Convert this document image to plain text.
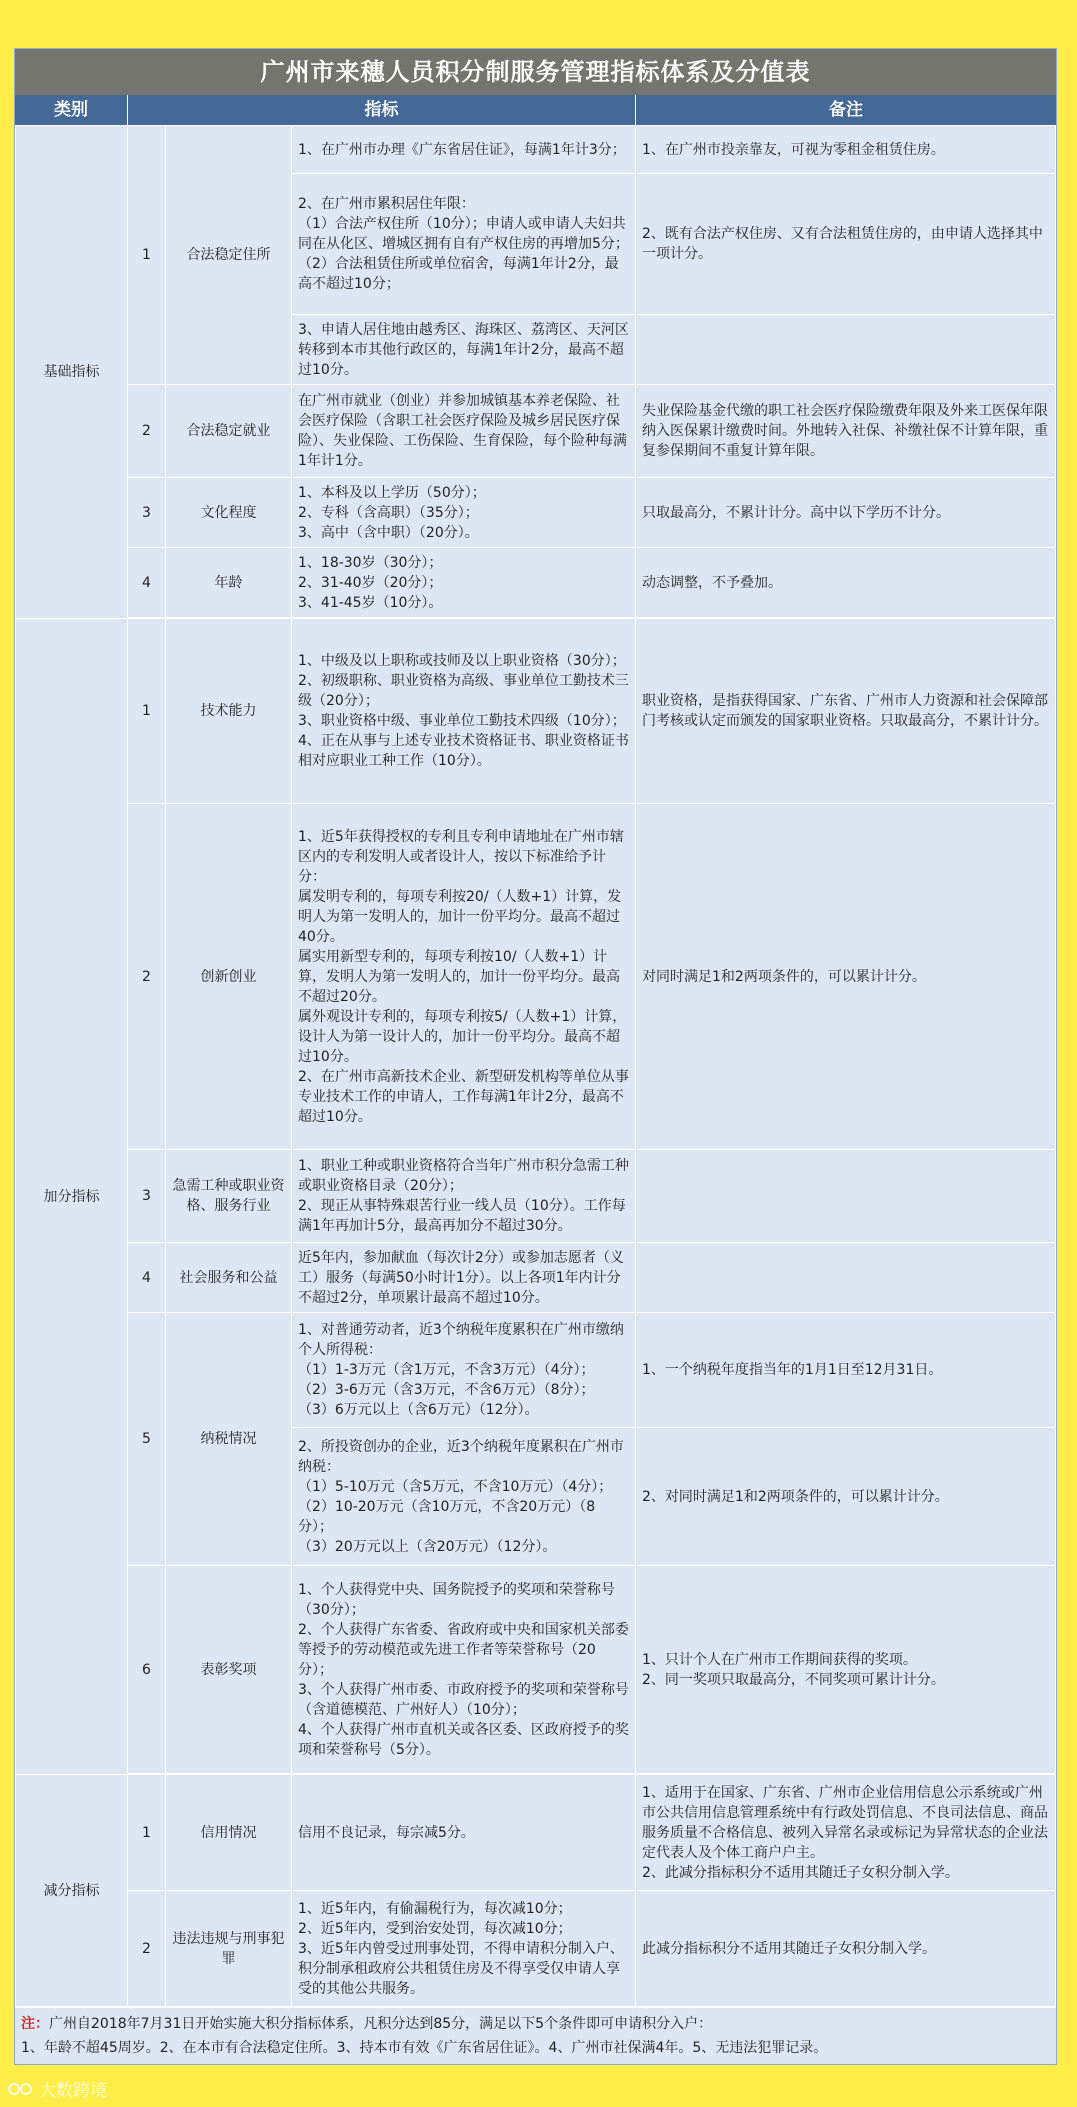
广州市来穗人员积分制服务管理指标体系及分值表
类别	指标	备注
基础指标	1	合法稳定住所	1、在广州市办理《广东省居住证》，每满1年计3分；	1、在广州市投亲靠友，可视为零租金租赁住房。
			2、在广州市累积居住年限：
（1）合法产权住所（10分）；申请人或申请人夫妇共同在从化区、增城区拥有自有产权住房的再增加5分；
（2）合法租赁住所或单位宿舍，每满1年计2分，最高不超过10分；	2、既有合法产权住房、又有合法租赁住房的，由申请人选择其中一项计分。
			3、申请人居住地由越秀区、海珠区、荔湾区、天河区转移到本市其他行政区的，每满1年计2分，最高不超过10分。	
	2	合法稳定就业	在广州市就业（创业）并参加城镇基本养老保险、社会医疗保险（含职工社会医疗保险及城乡居民医疗保险）、失业保险、工伤保险、生育保险，每个险种每满1年计1分。	失业保险基金代缴的职工社会医疗保险缴费年限及外来工医保年限纳入医保累计缴费时间。外地转入社保、补缴社保不计算年限，重复参保期间不重复计算年限。
	3	文化程度	1、本科及以上学历（50分）；
2、专科（含高职）（35分）；
3、高中（含中职）（20分）。	只取最高分，不累计计分。高中以下学历不计分。
	4	年龄	1、18-30岁（30分）；
2、31-40岁（20分）；
3、41-45岁（10分）。	动态调整，不予叠加。

加分指标	1	技术能力	1、中级及以上职称或技师及以上职业资格（30分）；
2、初级职称、职业资格为高级、事业单位工勤技术三级（20分）；
3、职业资格中级、事业单位工勤技术四级（10分）；
4、正在从事与上述专业技术资格证书、职业资格证书相对应职业工种工作（10分）。	职业资格，是指获得国家、广东省、广州市人力资源和社会保障部门考核或认定而颁发的国家职业资格。只取最高分，不累计计分。
	2	创新创业	1、近5年获得授权的专利且专利申请地址在广州市辖区内的专利发明人或者设计人，按以下标准给予计分：
属发明专利的，每项专利按20/（人数+1）计算，发明人为第一发明人的，加计一份平均分。最高不超过40分。
属实用新型专利的，每项专利按10/（人数+1）计算，发明人为第一发明人的，加计一份平均分。最高不超过20分。
属外观设计专利的，每项专利按5/（人数+1）计算，设计人为第一设计人的，加计一份平均分。最高不超过10分。
2、在广州市高新技术企业、新型研发机构等单位从事专业技术工作的申请人，工作每满1年计2分，最高不超过10分。	对同时满足1和2两项条件的，可以累计计分。
	3	急需工种或职业资格、服务行业	1、职业工种或职业资格符合当年广州市积分急需工种或职业资格目录（20分）；
2、现正从事特殊艰苦行业一线人员（10分）。工作每满1年再加计5分，最高再加分不超过30分。	
	4	社会服务和公益	近5年内，参加献血（每次计2分）或参加志愿者（义工）服务（每满50小时计1分）。以上各项1年内计分不超过2分，单项累计最高不超过10分。	
	5	纳税情况	1、对普通劳动者，近3个纳税年度累积在广州市缴纳个人所得税：
（1）1-3万元（含1万元，不含3万元）（4分）；
（2）3-6万元（含3万元，不含6万元）（8分）；
（3）6万元以上（含6万元）（12分）。	1、一个纳税年度指当年的1月1日至12月31日。
			2、所投资创办的企业，近3个纳税年度累积在广州市纳税：
（1）5-10万元（含5万元，不含10万元）（4分）；
（2）10-20万元（含10万元，不含20万元）（8分）；
（3）20万元以上（含20万元）（12分）。	2、对同时满足1和2两项条件的，可以累计计分。
	6	表彰奖项	1、个人获得党中央、国务院授予的奖项和荣誉称号（30分）；
2、个人获得广东省委、省政府或中央和国家机关部委等授予的劳动模范或先进工作者等荣誉称号（20分）；
3、个人获得广州市委、市政府授予的奖项和荣誉称号（含道德模范、广州好人）（10分）；
4、个人获得广州市直机关或各区委、区政府授予的奖项和荣誉称号（5分）。	1、只计个人在广州市工作期间获得的奖项。
2、同一奖项只取最高分，不同奖项可累计计分。

减分指标	1	信用情况	信用不良记录，每宗减5分。	1、适用于在国家、广东省、广州市企业信用信息公示系统或广州市公共信用信息管理系统中有行政处罚信息、不良司法信息、商品服务质量不合格信息、被列入异常名录或标记为异常状态的企业法定代表人及个体工商户户主。
2、此减分指标积分不适用其随迁子女积分制入学。
	2	违法违规与刑事犯罪	1、近5年内，有偷漏税行为，每次减10分；
2、近5年内，受到治安处罚，每次减10分；
3、近5年内曾受过刑事处罚，不得申请积分制入户、积分制承租政府公共租赁住房及不得享受仅申请人享受的其他公共服务。	此减分指标积分不适用其随迁子女积分制入学。
注：广州自2018年7月31日开始实施大积分指标体系，凡积分达到85分，满足以下5个条件即可申请积分入户：
1、年龄不超45周岁。2、在本市有合法稳定住所。3、持本市有效《广东省居住证》。4、广州市社保满4年。5、无违法犯罪记录。
大数跨境
